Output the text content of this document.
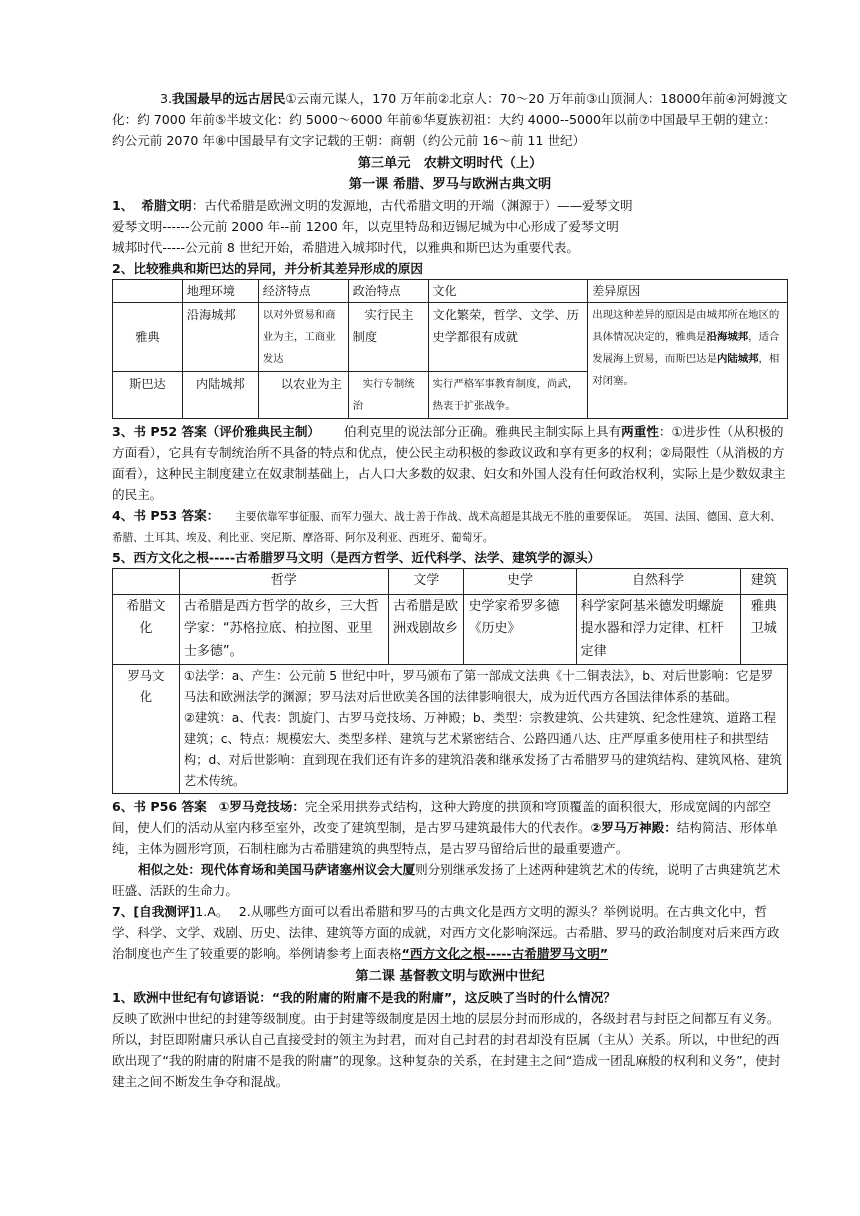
3.我国最早的远古居民①云南元谋人，170 万年前②北京人：70～20 万年前③山顶洞人：18000年前④河姆渡文化：约 7000 年前⑤半坡文化：约 5000～6000 年前⑥华夏族初祖：大约 4000--5000年以前⑦中国最早王朝的建立：约公元前 2070 年⑧中国最早有文字记载的王朝：商朝（约公元前 16～前 11 世纪）

第三单元　农耕文明时代（上）

第一课 希腊、罗马与欧洲古典文明

1、 希腊文明：古代希腊是欧洲文明的发源地，古代希腊文明的开端（渊源于）——爱琴文明

爱琴文明------公元前 2000 年--前 1200 年，以克里特岛和迈锡尼城为中心形成了爱琴文明

城邦时代-----公元前 8 世纪开始，希腊进入城邦时代，以雅典和斯巴达为重要代表。

2、比较雅典和斯巴达的异同，并分析其差异形成的原因

	地理环境	经济特点	政治特点	文化	差异原因
雅典	沿海城邦	以对外贸易和商业为主，工商业发达	实行民主制度	文化繁荣，哲学、文学、历史学都很有成就	出现这种差异的原因是由城邦所在地区的具体情况决定的，雅典是沿海城邦，适合发展海上贸易，而斯巴达是内陆城邦，相对闭塞。
斯巴达	内陆城邦	以农业为主	实行专制统治	实行严格军事教育制度，尚武，热衷于扩张战争。	

3、书 P52 答案（评价雅典民主制） 伯利克里的说法部分正确。雅典民主制实际上具有两重性：①进步性（从积极的方面看），它具有专制统治所不具备的特点和优点，使公民主动积极的参政议政和享有更多的权利；②局限性（从消极的方面看），这种民主制度建立在奴隶制基础上，占人口大多数的奴隶、妇女和外国人没有任何政治权利，实际上是少数奴隶主的民主。

4、书 P53 答案： 主要依靠军事征服、而军力强大、战士善于作战、战术高超是其战无不胜的重要保证。　英国、法国、德国、意大利、希腊、土耳其、埃及、利比亚、突尼斯、摩洛哥、阿尔及利亚、西班牙、葡萄牙。

5、西方文化之根-----古希腊罗马文明（是西方哲学、近代科学、法学、建筑学的源头）

	哲学	文学	史学	自然科学	建筑
希腊文化	古希腊是西方哲学的故乡，三大哲学家：“苏格拉底、柏拉图、亚里士多德”。	古希腊是欧洲戏剧故乡	史学家希罗多德《历史》	科学家阿基米德发明螺旋提水器和浮力定律、杠杆定律	雅典卫城
罗马文化	①法学：a、产生：公元前 5 世纪中叶，罗马颁布了第一部成文法典《十二铜表法》，b、对后世影响：它是罗马法和欧洲法学的渊源；罗马法对后世欧美各国的法律影响很大，成为近代西方各国法律体系的基础。

②建筑：a、代表：凯旋门、古罗马竞技场、万神殿；b、类型：宗教建筑、公共建筑、纪念性建筑、道路工程建筑；c、特点：规模宏大、类型多样、建筑与艺术紧密结合、公路四通八达、庄严厚重多使用柱子和拱型结构；d、对后世影响：直到现在我们还有许多的建筑沿袭和继承发扬了古希腊罗马的建筑结构、建筑风格、建筑艺术传统。				

6、书 P56 答案 ①罗马竞技场：完全采用拱券式结构，这种大跨度的拱顶和穹顶覆盖的面积很大，形成宽阔的内部空间，使人们的活动从室内移至室外，改变了建筑型制，是古罗马建筑最伟大的代表作。②罗马万神殿：结构简洁、形体单纯，主体为圆形穹顶，石制柱廊为古希腊建筑的典型特点，是古罗马留给后世的最重要遗产。

相似之处：现代体育场和美国马萨诸塞州议会大厦则分别继承发扬了上述两种建筑艺术的传统，说明了古典建筑艺术旺盛、活跃的生命力。

7、[自我测评]1.A。　 2.从哪些方面可以看出希腊和罗马的古典文化是西方文明的源头？举例说明。在古典文化中，哲学、科学、文学、戏剧、历史、法律、建筑等方面的成就，对西方文化影响深远。古希腊、罗马的政治制度对后来西方政治制度也产生了较重要的影响。举例请参考上面表格“西方文化之根-----古希腊罗马文明”

第二课 基督教文明与欧洲中世纪

1、欧洲中世纪有句谚语说：“我的附庸的附庸不是我的附庸”，这反映了当时的什么情况？

反映了欧洲中世纪的封建等级制度。由于封建等级制度是因土地的层层分封而形成的，各级封君与封臣之间都互有义务。所以，封臣即附庸只承认自己直接受封的领主为封君，而对自己封君的封君却没有臣属（主从）关系。所以，中世纪的西欧出现了“我的附庸的附庸不是我的附庸”的现象。这种复杂的关系，在封建主之间“造成一团乱麻般的权利和义务”，使封建主之间不断发生争夺和混战。
